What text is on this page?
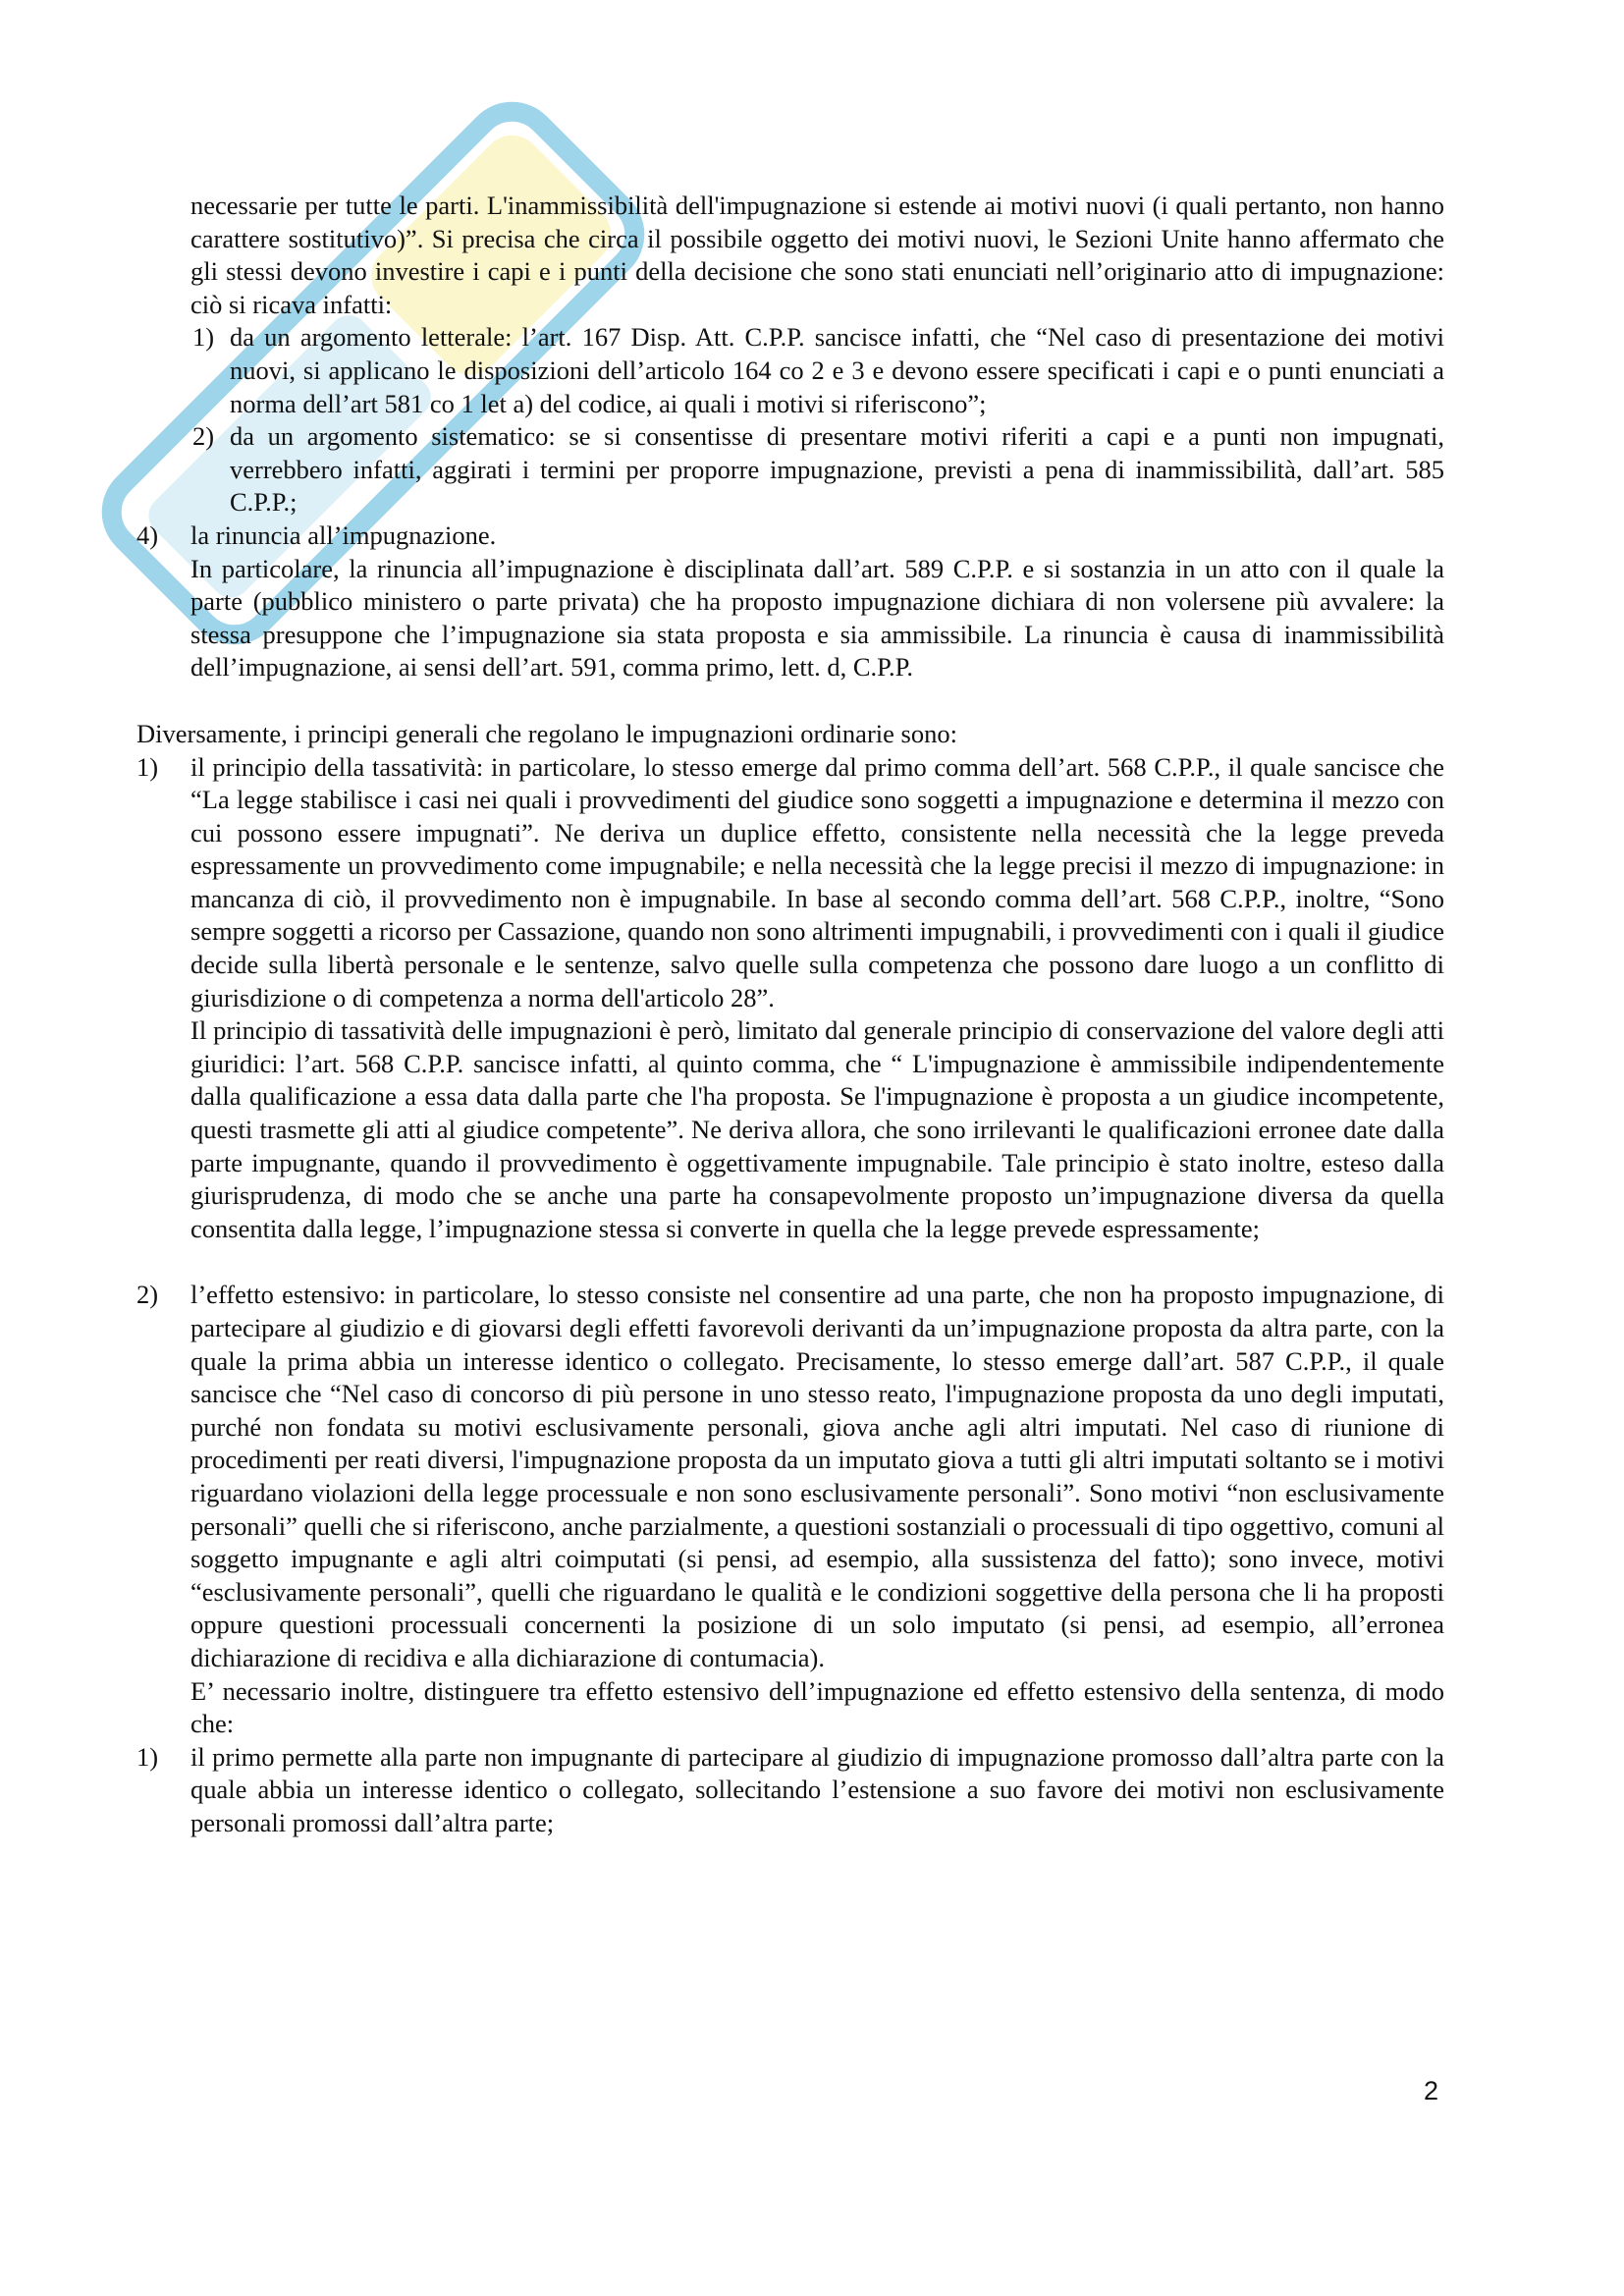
necessarie per tutte le parti. L'inammissibilità dell'impugnazione si estende ai motivi nuovi (i quali pertanto, non hanno carattere sostitutivo)”. Si precisa che circa il possibile oggetto dei motivi nuovi, le Sezioni Unite hanno affermato che gli stessi devono investire i capi e i punti della decisione che sono stati enunciati nell’originario atto di impugnazione: ciò si ricava infatti:

1) da un argomento letterale: l’art. 167 Disp. Att. C.P.P. sancisce infatti, che “Nel caso di presentazione dei motivi nuovi, si applicano le disposizioni dell’articolo 164 co 2 e 3 e devono essere specificati i capi e o punti enunciati a norma dell’art 581 co 1 let a) del codice, ai quali i motivi si riferiscono”;
2) da un argomento sistematico: se si consentisse di presentare motivi riferiti a capi e a punti non impugnati, verrebbero infatti, aggirati i termini per proporre impugnazione, previsti a pena di inammissibilità, dall’art. 585 C.P.P.;
4) la rinuncia all’impugnazione.

In particolare, la rinuncia all’impugnazione è disciplinata dall’art. 589 C.P.P. e si sostanzia in un atto con il quale la parte (pubblico ministero o parte privata) che ha proposto impugnazione dichiara di non volersene più avvalere: la stessa presuppone che l’impugnazione sia stata proposta e sia ammissibile. La rinuncia è causa di inammissibilità dell’impugnazione, ai sensi dell’art. 591, comma primo, lett. d, C.P.P.

Diversamente, i principi generali che regolano le impugnazioni ordinarie sono:

1) il principio della tassatività: in particolare, lo stesso emerge dal primo comma dell’art. 568 C.P.P., il quale sancisce che “La legge stabilisce i casi nei quali i provvedimenti del giudice sono soggetti a impugnazione e determina il mezzo con cui possono essere impugnati”. Ne deriva un duplice effetto, consistente nella necessità che la legge preveda espressamente un provvedimento come impugnabile; e nella necessità che la legge precisi il mezzo di impugnazione: in mancanza di ciò, il provvedimento non è impugnabile. In base al secondo comma dell’art. 568 C.P.P., inoltre, “Sono sempre soggetti a ricorso per Cassazione, quando non sono altrimenti impugnabili, i provvedimenti con i quali il giudice decide sulla libertà personale e le sentenze, salvo quelle sulla competenza che possono dare luogo a un conflitto di giurisdizione o di competenza a norma dell'articolo 28”.

Il principio di tassatività delle impugnazioni è però, limitato dal generale principio di conservazione del valore degli atti giuridici: l’art. 568 C.P.P. sancisce infatti, al quinto comma, che “ L'impugnazione è ammissibile indipendentemente dalla qualificazione a essa data dalla parte che l'ha proposta. Se l'impugnazione è proposta a un giudice incompetente, questi trasmette gli atti al giudice competente”. Ne deriva allora, che sono irrilevanti le qualificazioni erronee date dalla parte impugnante, quando il provvedimento è oggettivamente impugnabile. Tale principio è stato inoltre, esteso dalla giurisprudenza, di modo che se anche una parte ha consapevolmente proposto un’impugnazione diversa da quella consentita dalla legge, l’impugnazione stessa si converte in quella che la legge prevede espressamente;

2) l’effetto estensivo: in particolare, lo stesso consiste nel consentire ad una parte, che non ha proposto impugnazione, di partecipare al giudizio e di giovarsi degli effetti favorevoli derivanti da un’impugnazione proposta da altra parte, con la quale la prima abbia un interesse identico o collegato. Precisamente, lo stesso emerge dall’art. 587 C.P.P., il quale sancisce che “Nel caso di concorso di più persone in uno stesso reato, l'impugnazione proposta da uno degli imputati, purché non fondata su motivi esclusivamente personali, giova anche agli altri imputati. Nel caso di riunione di procedimenti per reati diversi, l'impugnazione proposta da un imputato giova a tutti gli altri imputati soltanto se i motivi riguardano violazioni della legge processuale e non sono esclusivamente personali”. Sono motivi “non esclusivamente personali” quelli che si riferiscono, anche parzialmente, a questioni sostanziali o processuali di tipo oggettivo, comuni al soggetto impugnante e agli altri coimputati (si pensi, ad esempio, alla sussistenza del fatto); sono invece, motivi “esclusivamente personali”, quelli che riguardano le qualità e le condizioni soggettive della persona che li ha proposti oppure questioni processuali concernenti la posizione di un solo imputato (si pensi, ad esempio, all’erronea dichiarazione di recidiva e alla dichiarazione di contumacia).

E’ necessario inoltre, distinguere tra effetto estensivo dell’impugnazione ed effetto estensivo della sentenza, di modo che:

1) il primo permette alla parte non impugnante di partecipare al giudizio di impugnazione promosso dall’altra parte con la quale abbia un interesse identico o collegato, sollecitando l’estensione a suo favore dei motivi non esclusivamente personali promossi dall’altra parte;
2
